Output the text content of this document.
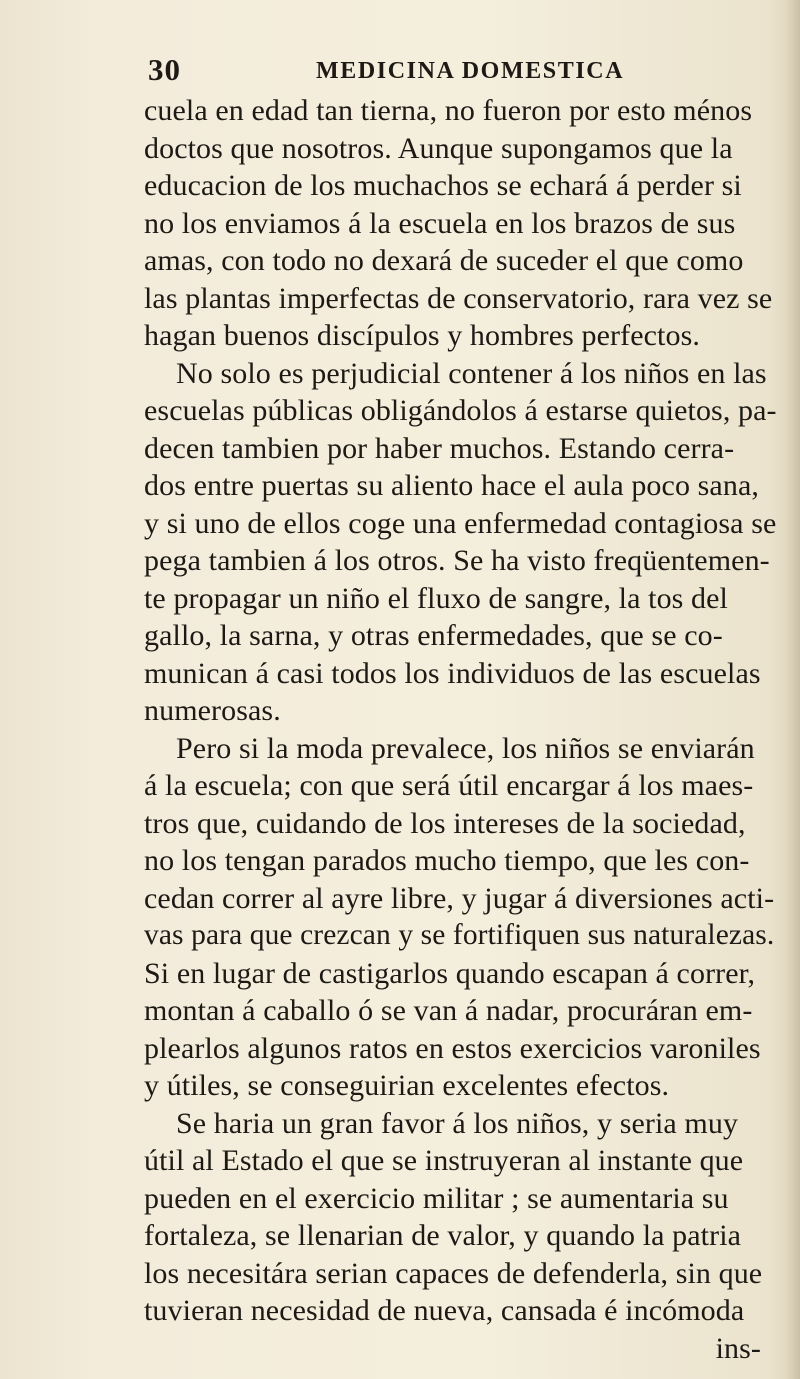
30	MEDICINA DOMESTICA
cuela en edad tan tierna, no fueron por esto ménos
doctos que nosotros. Aunque supongamos que la
educacion de los muchachos se echará á perder si
no los enviamos á la escuela en los brazos de sus
amas, con todo no dexará de suceder el que como
las plantas imperfectas de conservatorio, rara vez se
hagan buenos discípulos y hombres perfectos.
No solo es perjudicial contener á los niños en las
escuelas públicas obligándolos á estarse quietos, pa-
decen tambien por haber muchos. Estando cerra-
dos entre puertas su aliento hace el aula poco sana,
y si uno de ellos coge una enfermedad contagiosa se
pega tambien á los otros. Se ha visto freqüentemen-
te propagar un niño el fluxo de sangre, la tos del
gallo, la sarna, y otras enfermedades, que se co-
munican á casi todos los individuos de las escuelas
numerosas.
Pero si la moda prevalece, los niños se enviarán
á la escuela; con que será útil encargar á los maes-
tros que, cuidando de los intereses de la sociedad,
no los tengan parados mucho tiempo, que les con-
cedan correr al ayre libre, y jugar á diversiones acti-
vas para que crezcan y se fortifiquen sus naturalezas.
Si en lugar de castigarlos quando escapan á correr,
montan á caballo ó se van á nadar, procuráran em-
plearlos algunos ratos en estos exercicios varoniles
y útiles, se conseguirian excelentes efectos.
Se haria un gran favor á los niños, y seria muy
útil al Estado el que se instruyeran al instante que
pueden en el exercicio militar ; se aumentaria su
fortaleza, se llenarian de valor, y quando la patria
los necesitára serian capaces de defenderla, sin que
tuvieran necesidad de nueva, cansada é incómoda
ins-
